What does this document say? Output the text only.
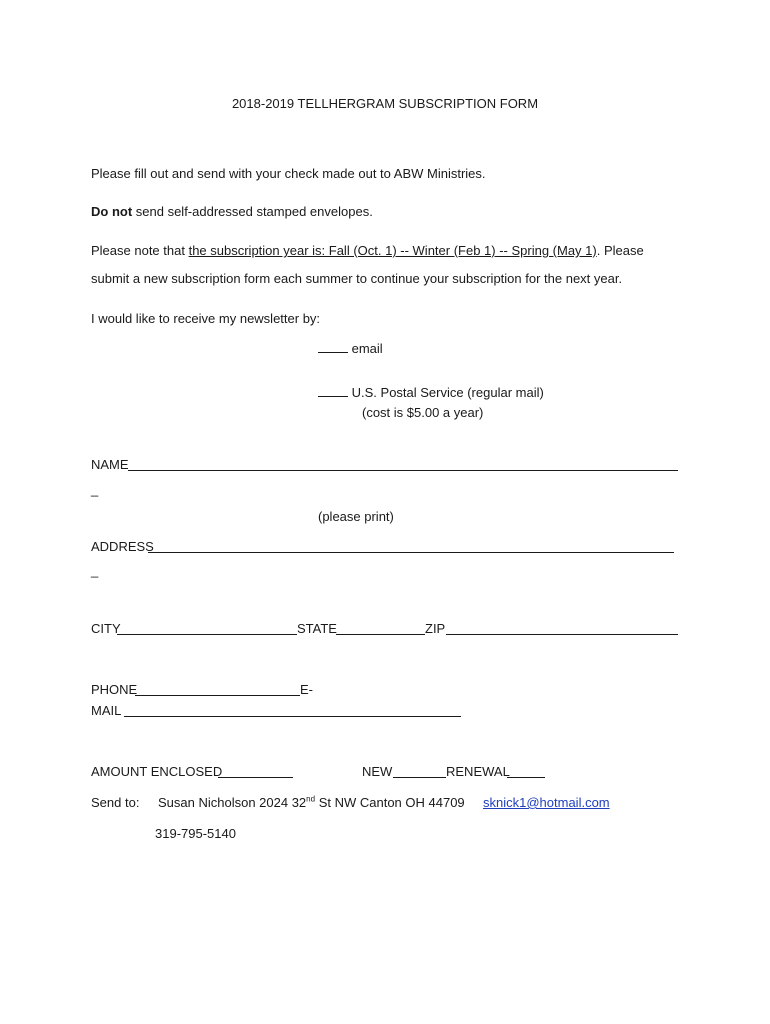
2018-2019 TELLHERGRAM SUBSCRIPTION FORM
Please fill out and send with your check made out to ABW Ministries.
Do not send self-addressed stamped envelopes.
Please note that the subscription year is: Fall (Oct. 1) -- Winter (Feb 1) -- Spring (May 1). Please
submit a new subscription form each summer to continue your subscription for the next year.
I would like to receive my newsletter by:
email
U.S. Postal Service (regular mail)
(cost is $5.00 a year)
NAME
_
(please print)
ADDRESS
_
CITY	STATE	ZIP
PHONE	E-
MAIL
AMOUNT ENCLOSED	NEW	RENEWAL
Send to: Susan Nicholson 2024 32nd St NW Canton OH 44709 sknick1@hotmail.com
319-795-5140
